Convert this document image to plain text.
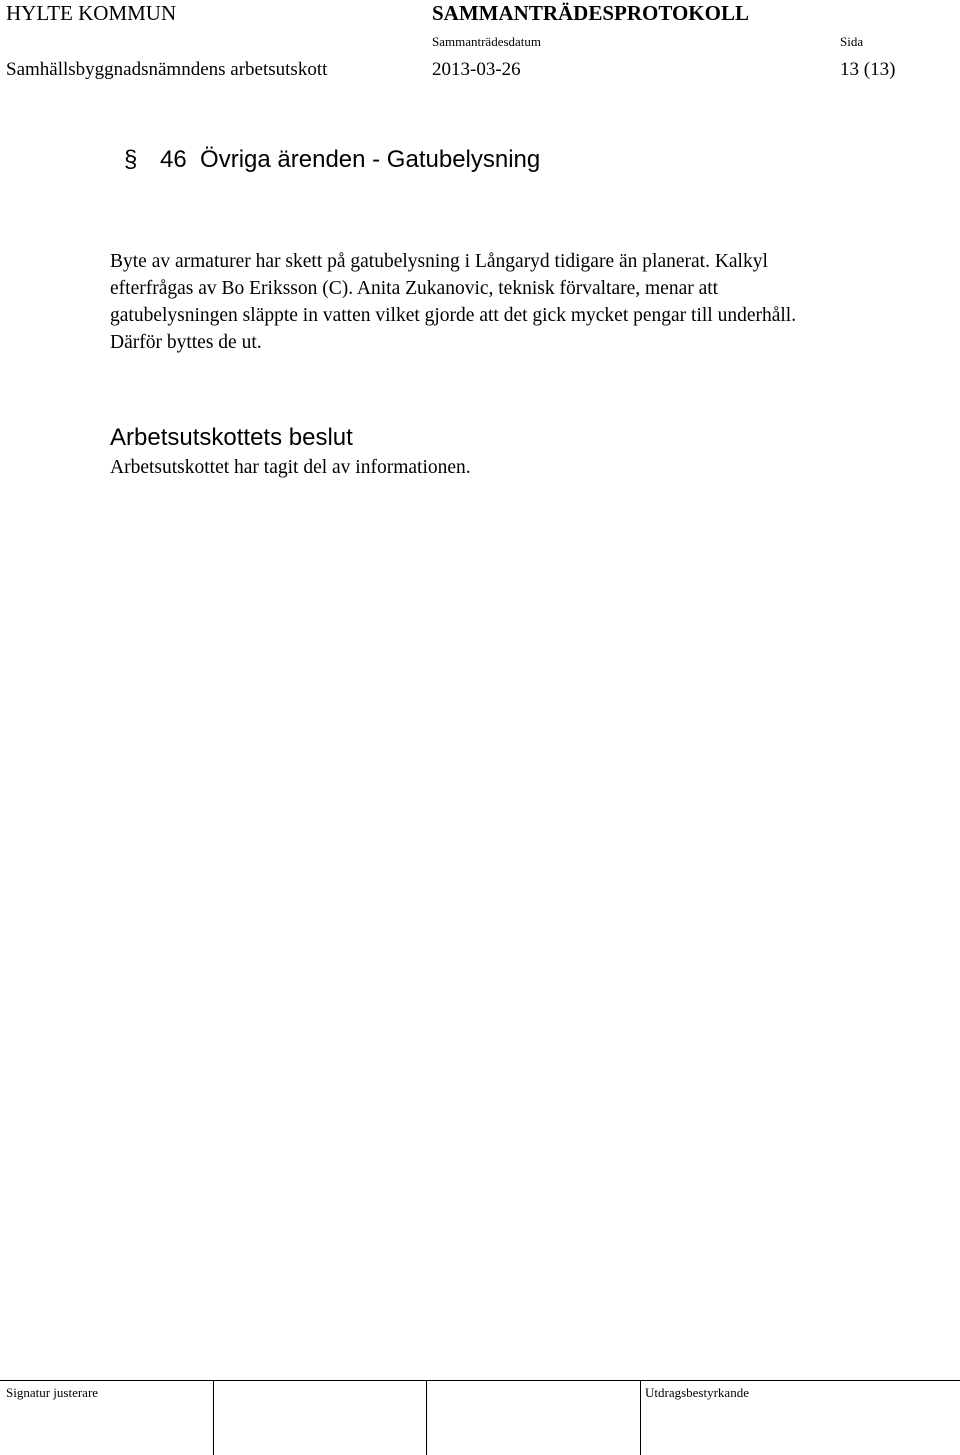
HYLTE KOMMUN	SAMMANTRÄDESPROTOKOLL
Sammanträdesdatum	Sida
Samhällsbyggnadsnämndens arbetsutskott	2013-03-26	13 (13)
§ 46 Övriga ärenden - Gatubelysning
Byte av armaturer har skett på gatubelysning i Långaryd tidigare än planerat. Kalkyl
efterfrågas av Bo Eriksson (C). Anita Zukanovic, teknisk förvaltare, menar att
gatubelysningen släppte in vatten vilket gjorde att det gick mycket pengar till underhåll.
Därför byttes de ut.
Arbetsutskottets beslut
Arbetsutskottet har tagit del av informationen.
Signatur justerare	Utdragsbestyrkande
